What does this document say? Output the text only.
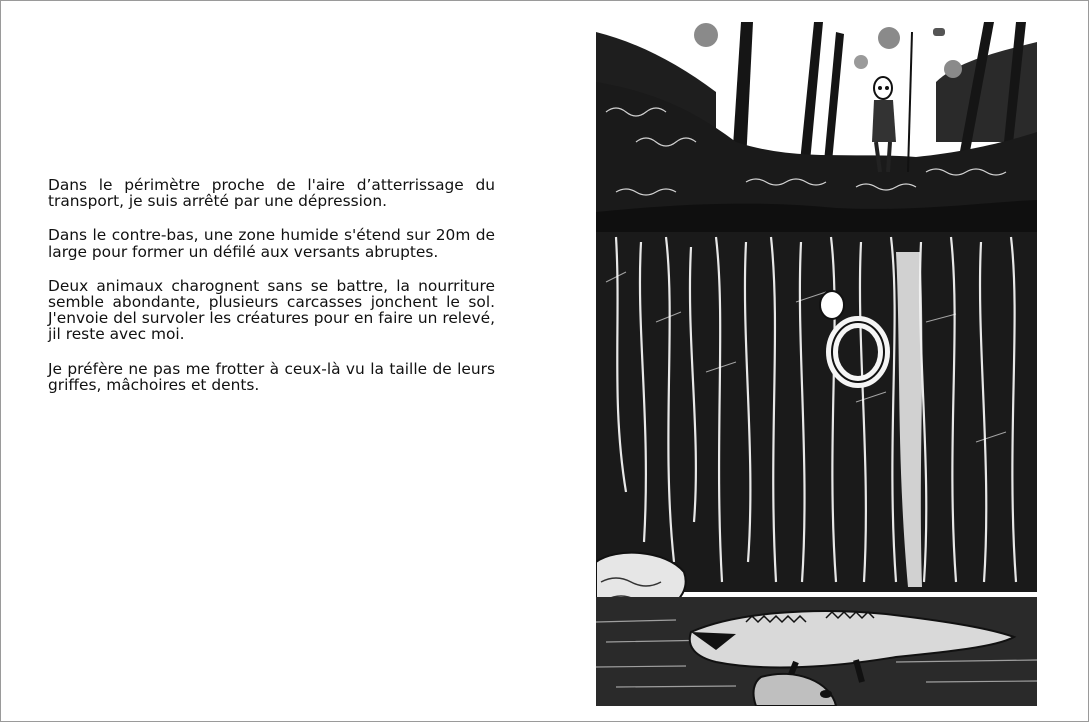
Dans le périmètre proche de l'aire d’atterrissage du transport, je suis arrêté par une dépression.

Dans le contre-bas, une zone humide s'étend sur 20m de large pour former un défilé aux versants abruptes.

Deux animaux charognent sans se battre, la nourriture semble abondante, plusieurs carcasses jonchent le sol. J'envoie del survoler les créatures pour en faire un relevé, jil reste avec moi.

Je préfère ne pas me frotter à ceux-là vu la taille de leurs griffes, mâchoires et dents.
